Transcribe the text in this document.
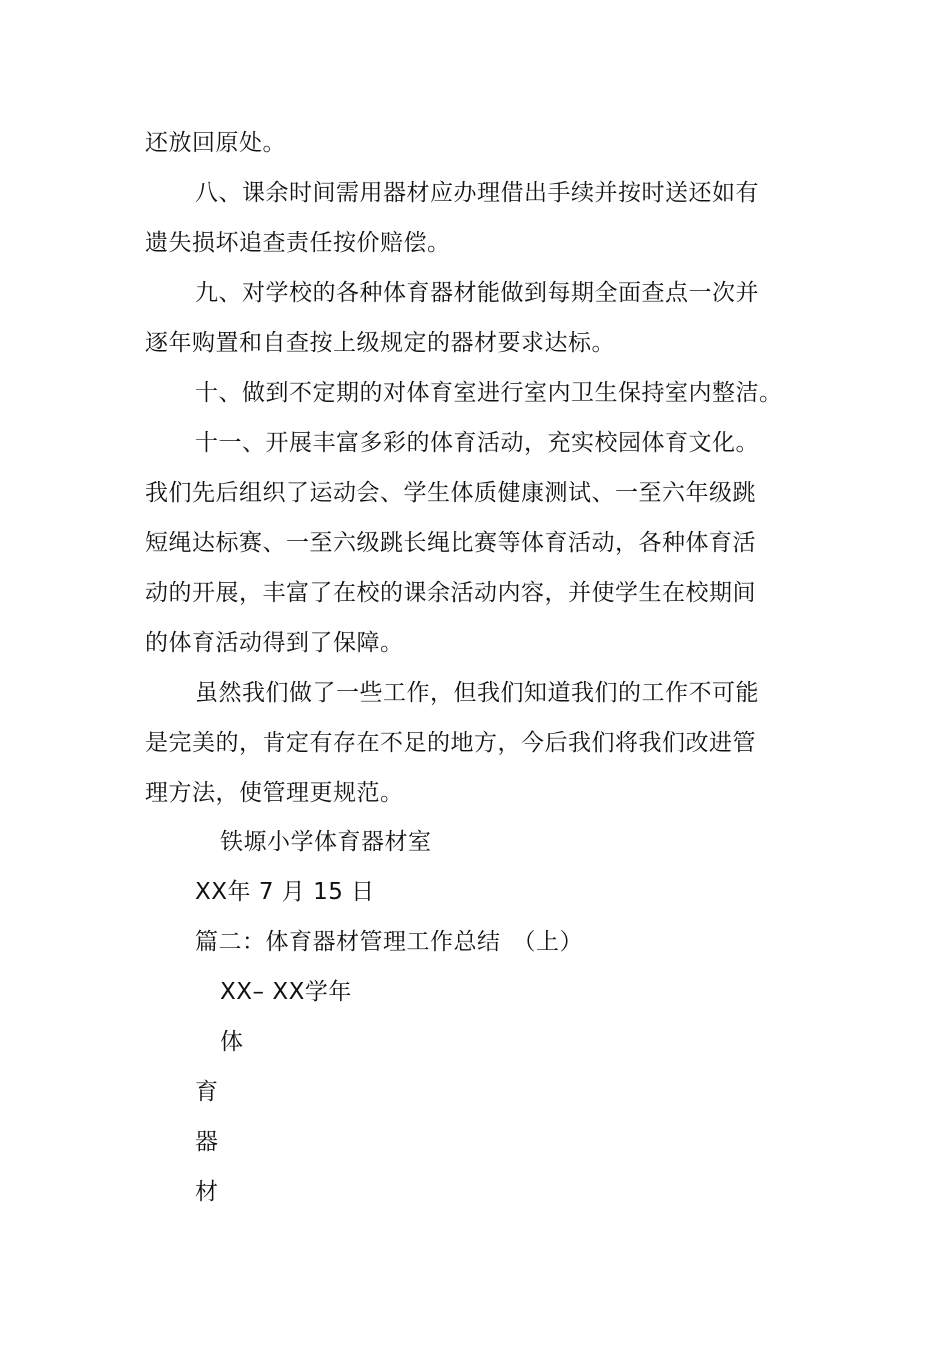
还放回原处。
八、课余时间需用器材应办理借出手续并按时送还如有
遗失损坏追查责任按价赔偿。
九、对学校的各种体育器材能做到每期全面查点一次并
逐年购置和自查按上级规定的器材要求达标。
十、做到不定期的对体育室进行室内卫生保持室内整洁。
十一、开展丰富多彩的体育活动，充实校园体育文化。
我们先后组织了运动会、学生体质健康测试、一至六年级跳
短绳达标赛、一至六级跳长绳比赛等体育活动，各种体育活
动的开展，丰富了在校的课余活动内容，并使学生在校期间
的体育活动得到了保障。
虽然我们做了一些工作，但我们知道我们的工作不可能
是完美的，肯定有存在不足的地方，今后我们将我们改进管
理方法，使管理更规范。
铁塬小学体育器材室
XX年 7 月 15 日
篇二：体育器材管理工作总结　（上）
XX– XX学年
体
育
器
材
